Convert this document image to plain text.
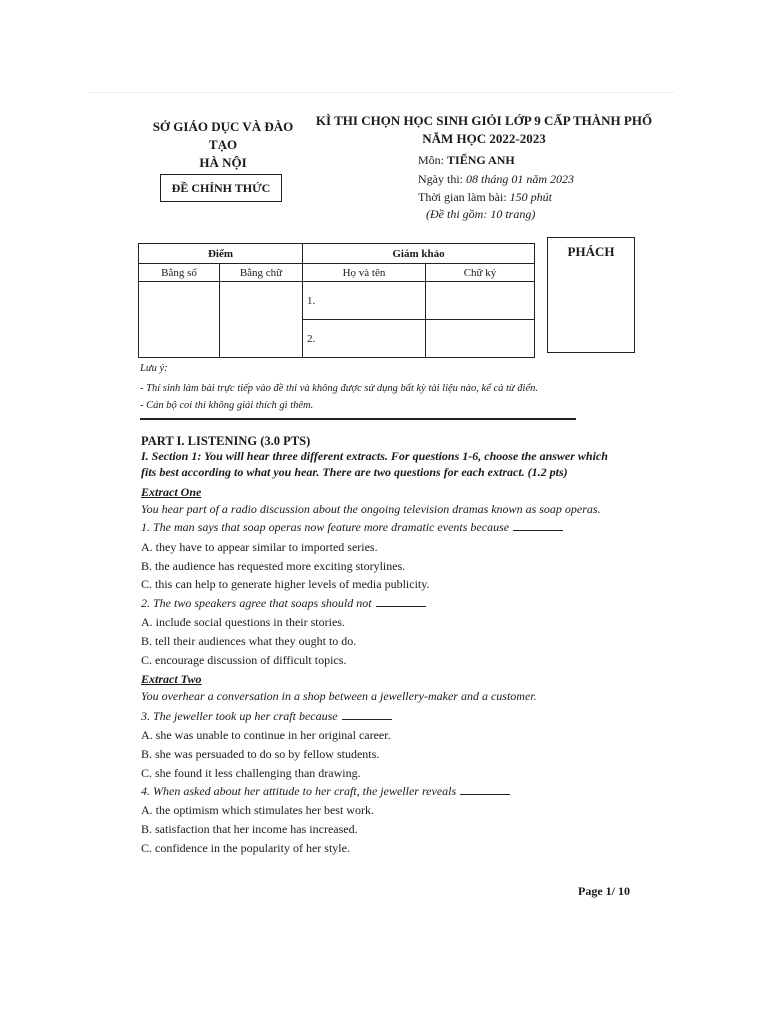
SỞ GIÁO DỤC VÀ ĐÀO TẠO
HÀ NỘI
KÌ THI CHỌN HỌC SINH GIỎI LỚP 9 CẤP THÀNH PHỐ
NĂM HỌC 2022-2023
ĐỀ CHÍNH THỨC
Môn: TIẾNG ANH
Ngày thi: 08 tháng 01 năm 2023
Thời gian làm bài: 150 phút
(Đề thi gồm: 10 trang)
Điểm		Giám khảo	
Bằng số	Bằng chữ	Họ và tên	Chữ ký
		1.	
		2.	
PHÁCH
Lưu ý:
- Thí sinh làm bài trực tiếp vào đề thi và không được sử dụng bất kỳ tài liệu nào, kể cả từ điển.
- Cán bộ coi thi không giải thích gì thêm.
PART I. LISTENING (3.0 PTS)
I. Section 1: You will hear three different extracts. For questions 1-6, choose the answer which
fits best according to what you hear. There are two questions for each extract. (1.2 pts)
Extract One
You hear part of a radio discussion about the ongoing television dramas known as soap operas.
1. The man says that soap operas now feature more dramatic events because
A. they have to appear similar to imported series.
B. the audience has requested more exciting storylines.
C. this can help to generate higher levels of media publicity.
2. The two speakers agree that soaps should not
A. include social questions in their stories.
B. tell their audiences what they ought to do.
C. encourage discussion of difficult topics.
Extract Two
You overhear a conversation in a shop between a jewellery-maker and a customer.
3. The jeweller took up her craft because
A. she was unable to continue in her original career.
B. she was persuaded to do so by fellow students.
C. she found it less challenging than drawing.
4. When asked about her attitude to her craft, the jeweller reveals
A. the optimism which stimulates her best work.
B. satisfaction that her income has increased.
C. confidence in the popularity of her style.
Page 1/ 10
